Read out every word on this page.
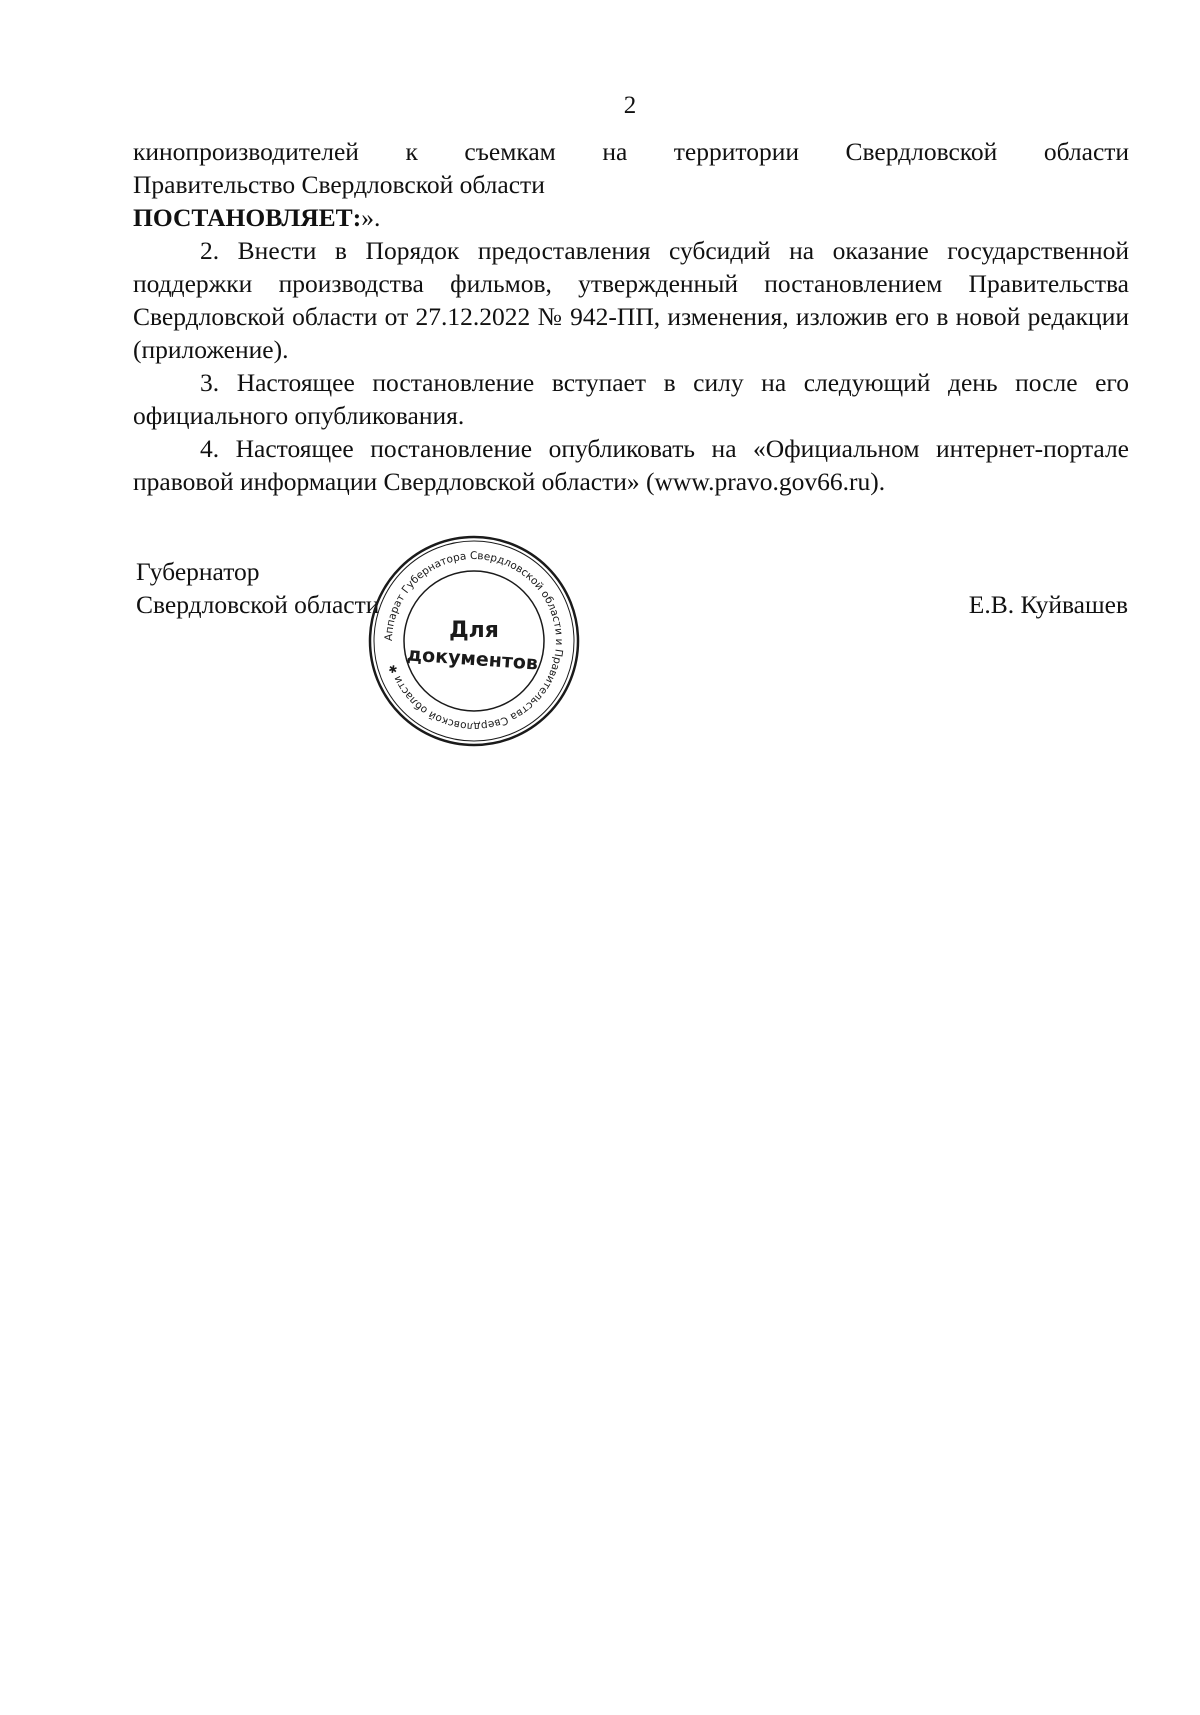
2
кинопроизводителей к съемкам на территории Свердловской области
Правительство Свердловской области
ПОСТАНОВЛЯЕТ:».

2. Внести в Порядок предоставления субсидий на оказание государственной поддержки производства фильмов, утвержденный постановлением Правительства Свердловской области от 27.12.2022 № 942-ПП, изменения, изложив его в новой редакции (приложение).

3. Настоящее постановление вступает в силу на следующий день после его официального опубликования.

4. Настоящее постановление опубликовать на «Официальном интернет-портале правовой информации Свердловской области» (www.pravo.gov66.ru).

Губернатор
Свердловской области	Е.В. Куйвашев
Аппарат Губернатора Свердловской области и Правительства Свердловской области ✱
Для
документов
